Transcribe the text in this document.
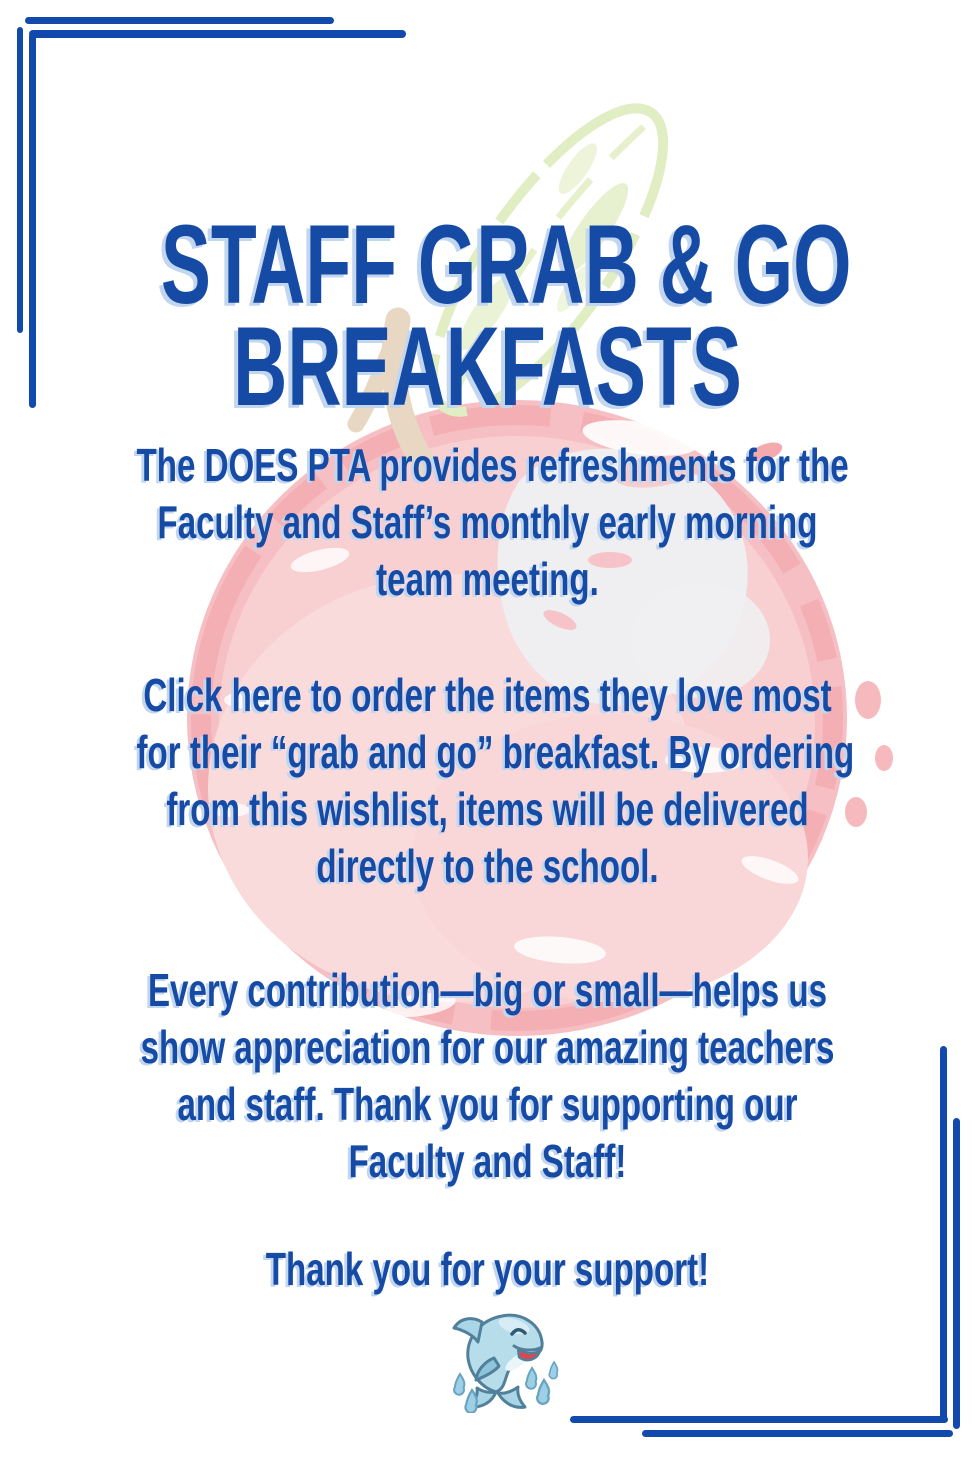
STAFF GRAB & GO
BREAKFASTS
The DOES PTA provides refreshments for the
Faculty and Staff’s monthly early morning
team meeting.
Click here to order the items they love most
for their “grab and go” breakfast. By ordering
from this wishlist, items will be delivered
directly to the school.
Every contribution—big or small—helps us
show appreciation for our amazing teachers
and staff. Thank you for supporting our
Faculty and Staff!
Thank you for your support!
